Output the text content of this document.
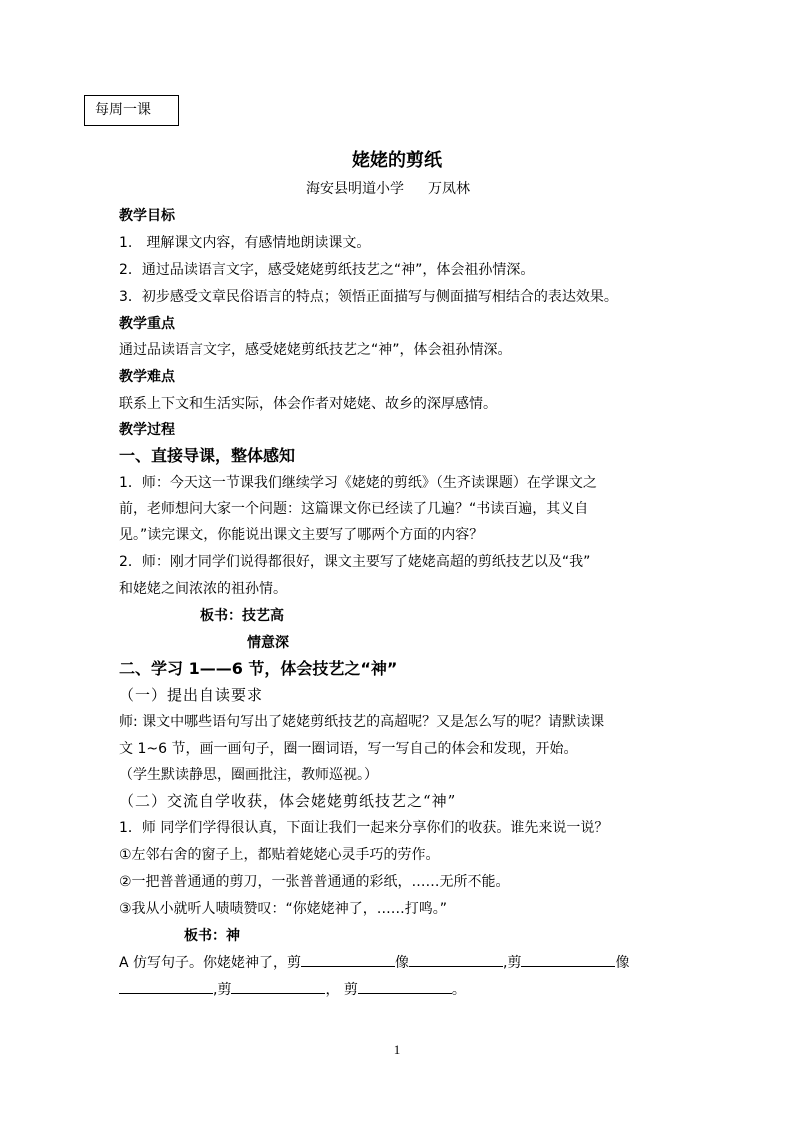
每周一课
姥姥的剪纸
海安县明道小学 万凤林
教学目标
1.　理解课文内容，有感情地朗读课文。
2．通过品读语言文字，感受姥姥剪纸技艺之“神”，体会祖孙情深。
3．初步感受文章民俗语言的特点；领悟正面描写与侧面描写相结合的表达效果。
教学重点
通过品读语言文字，感受姥姥剪纸技艺之“神”，体会祖孙情深。
教学难点
联系上下文和生活实际，体会作者对姥姥、故乡的深厚感情。
教学过程
一、直接导课，整体感知
1．师：今天这一节课我们继续学习《姥姥的剪纸》（生齐读课题）在学课文之
前，老师想问大家一个问题：这篇课文你已经读了几遍？“书读百遍，其义自
见。”读完课文，你能说出课文主要写了哪两个方面的内容？
2．师：刚才同学们说得都很好，课文主要写了姥姥高超的剪纸技艺以及“我”
和姥姥之间浓浓的祖孙情。
板书：技艺高
情意深
二、学习 1——6 节，体会技艺之“神”
（一）提出自读要求
师: 课文中哪些语句写出了姥姥剪纸技艺的高超呢？又是怎么写的呢？请默读课
文 1~6 节，画一画句子，圈一圈词语，写一写自己的体会和发现，开始。
（学生默读静思，圈画批注，教师巡视。）
（二）交流自学收获，体会姥姥剪纸技艺之“神”
1．师 同学们学得很认真，下面让我们一起来分享你们的收获。谁先来说一说？
①左邻右舍的窗子上，都贴着姥姥心灵手巧的劳作。
②一把普普通通的剪刀，一张普普通通的彩纸，……无所不能。
③我从小就听人啧啧赞叹：“你姥姥神了，……打鸣。”
板书：神
A 仿写句子。你姥姥神了，剪	像	,剪	像
,剪	， 剪	。
1
